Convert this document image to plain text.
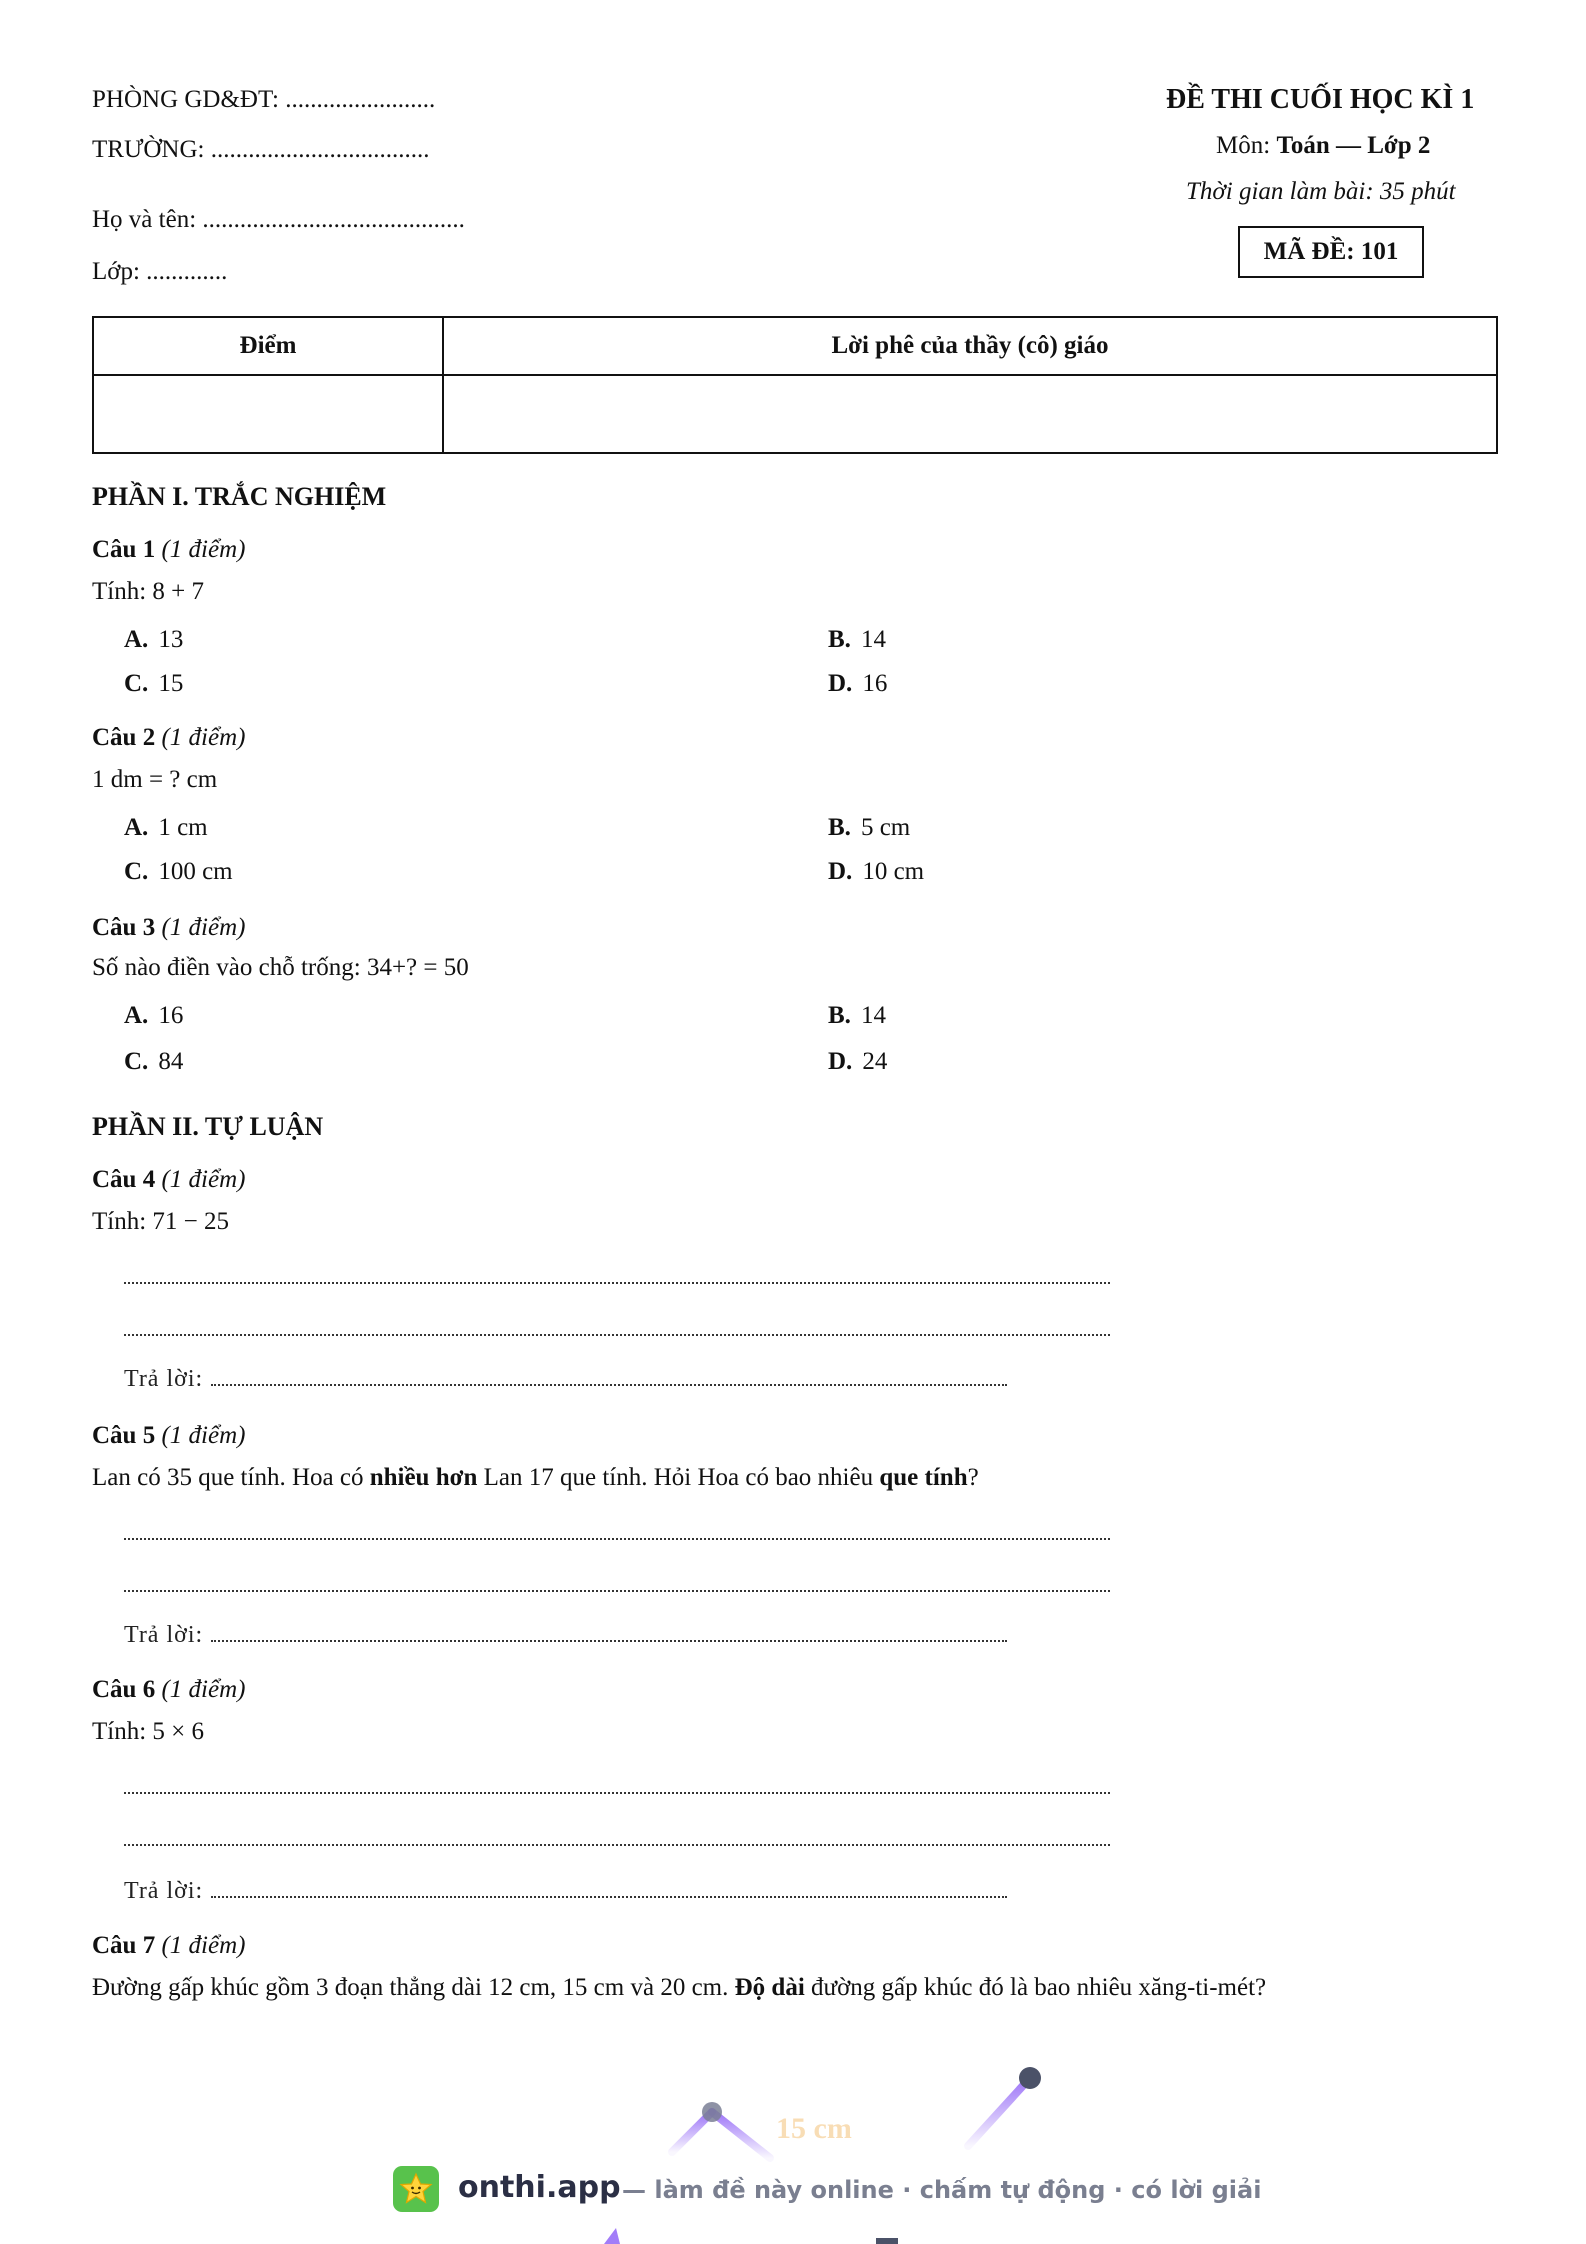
PHÒNG GD&ĐT: ........................
TRƯỜNG: ...................................
Họ và tên: ..........................................
Lớp: .............
ĐỀ THI CUỐI HỌC KÌ 1
Môn: Toán — Lớp 2
Thời gian làm bài: 35 phút
MÃ ĐỀ: 101
Điểm	Lời phê của thầy (cô) giáo

PHẦN I. TRẮC NGHIỆM
Câu 1 (1 điểm)
Tính: 8 + 7
A. 13	B. 14
C. 15	D. 16
Câu 2 (1 điểm)
1 dm = ? cm
A. 1 cm	B. 5 cm
C. 100 cm	D. 10 cm
Câu 3 (1 điểm)
Số nào điền vào chỗ trống: 34+? = 50
A. 16	B. 14
C. 84	D. 24
PHẦN II. TỰ LUẬN
Câu 4 (1 điểm)
Tính: 71 − 25
Trả lời:
Câu 5 (1 điểm)
Lan có 35 que tính. Hoa có nhiều hơn Lan 17 que tính. Hỏi Hoa có bao nhiêu que tính?
Trả lời:
Câu 6 (1 điểm)
Tính: 5 × 6
Trả lời:
Câu 7 (1 điểm)
Đường gấp khúc gồm 3 đoạn thẳng dài 12 cm, 15 cm và 20 cm. Độ dài đường gấp khúc đó là bao nhiêu xăng-ti-mét?
15 cm
onthi.app — làm đề này online · chấm tự động · có lời giải
